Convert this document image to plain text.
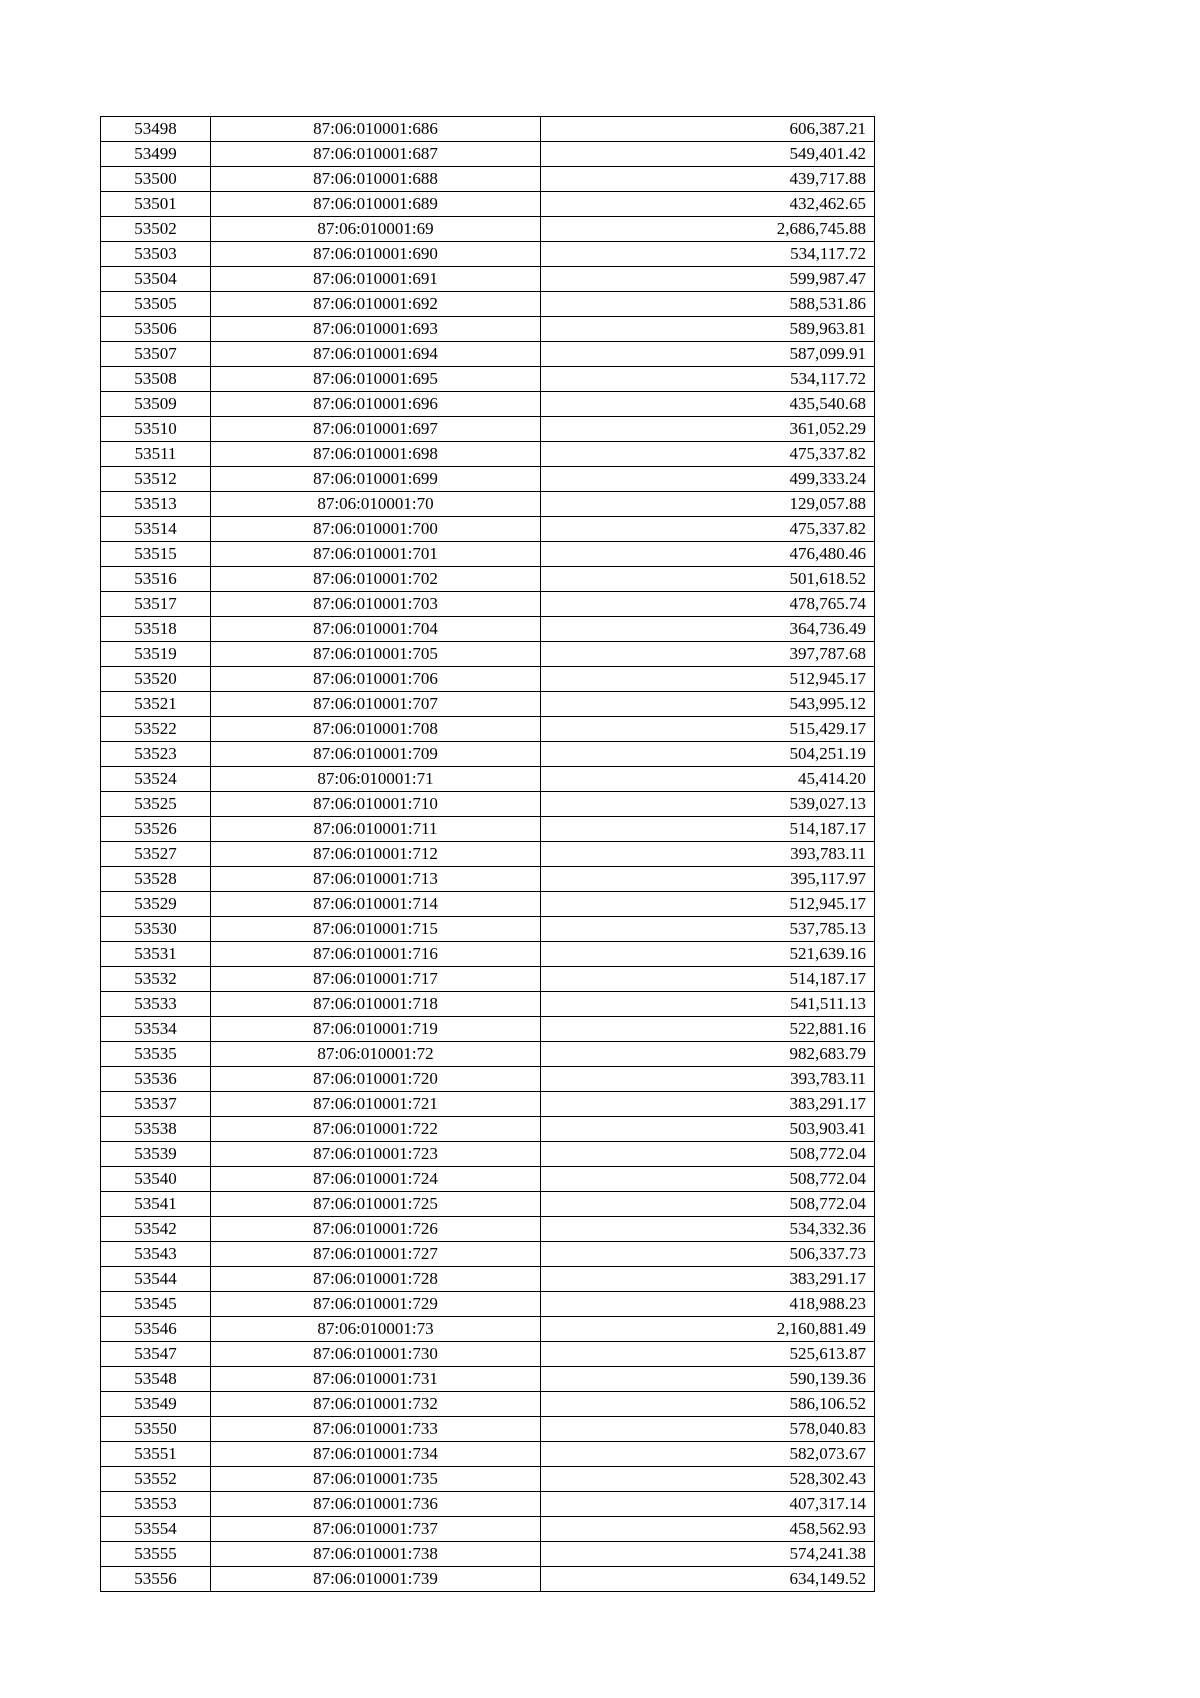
53498	87:06:010001:686	606,387.21
53499	87:06:010001:687	549,401.42
53500	87:06:010001:688	439,717.88
53501	87:06:010001:689	432,462.65
53502	87:06:010001:69	2,686,745.88
53503	87:06:010001:690	534,117.72
53504	87:06:010001:691	599,987.47
53505	87:06:010001:692	588,531.86
53506	87:06:010001:693	589,963.81
53507	87:06:010001:694	587,099.91
53508	87:06:010001:695	534,117.72
53509	87:06:010001:696	435,540.68
53510	87:06:010001:697	361,052.29
53511	87:06:010001:698	475,337.82
53512	87:06:010001:699	499,333.24
53513	87:06:010001:70	129,057.88
53514	87:06:010001:700	475,337.82
53515	87:06:010001:701	476,480.46
53516	87:06:010001:702	501,618.52
53517	87:06:010001:703	478,765.74
53518	87:06:010001:704	364,736.49
53519	87:06:010001:705	397,787.68
53520	87:06:010001:706	512,945.17
53521	87:06:010001:707	543,995.12
53522	87:06:010001:708	515,429.17
53523	87:06:010001:709	504,251.19
53524	87:06:010001:71	45,414.20
53525	87:06:010001:710	539,027.13
53526	87:06:010001:711	514,187.17
53527	87:06:010001:712	393,783.11
53528	87:06:010001:713	395,117.97
53529	87:06:010001:714	512,945.17
53530	87:06:010001:715	537,785.13
53531	87:06:010001:716	521,639.16
53532	87:06:010001:717	514,187.17
53533	87:06:010001:718	541,511.13
53534	87:06:010001:719	522,881.16
53535	87:06:010001:72	982,683.79
53536	87:06:010001:720	393,783.11
53537	87:06:010001:721	383,291.17
53538	87:06:010001:722	503,903.41
53539	87:06:010001:723	508,772.04
53540	87:06:010001:724	508,772.04
53541	87:06:010001:725	508,772.04
53542	87:06:010001:726	534,332.36
53543	87:06:010001:727	506,337.73
53544	87:06:010001:728	383,291.17
53545	87:06:010001:729	418,988.23
53546	87:06:010001:73	2,160,881.49
53547	87:06:010001:730	525,613.87
53548	87:06:010001:731	590,139.36
53549	87:06:010001:732	586,106.52
53550	87:06:010001:733	578,040.83
53551	87:06:010001:734	582,073.67
53552	87:06:010001:735	528,302.43
53553	87:06:010001:736	407,317.14
53554	87:06:010001:737	458,562.93
53555	87:06:010001:738	574,241.38
53556	87:06:010001:739	634,149.52
